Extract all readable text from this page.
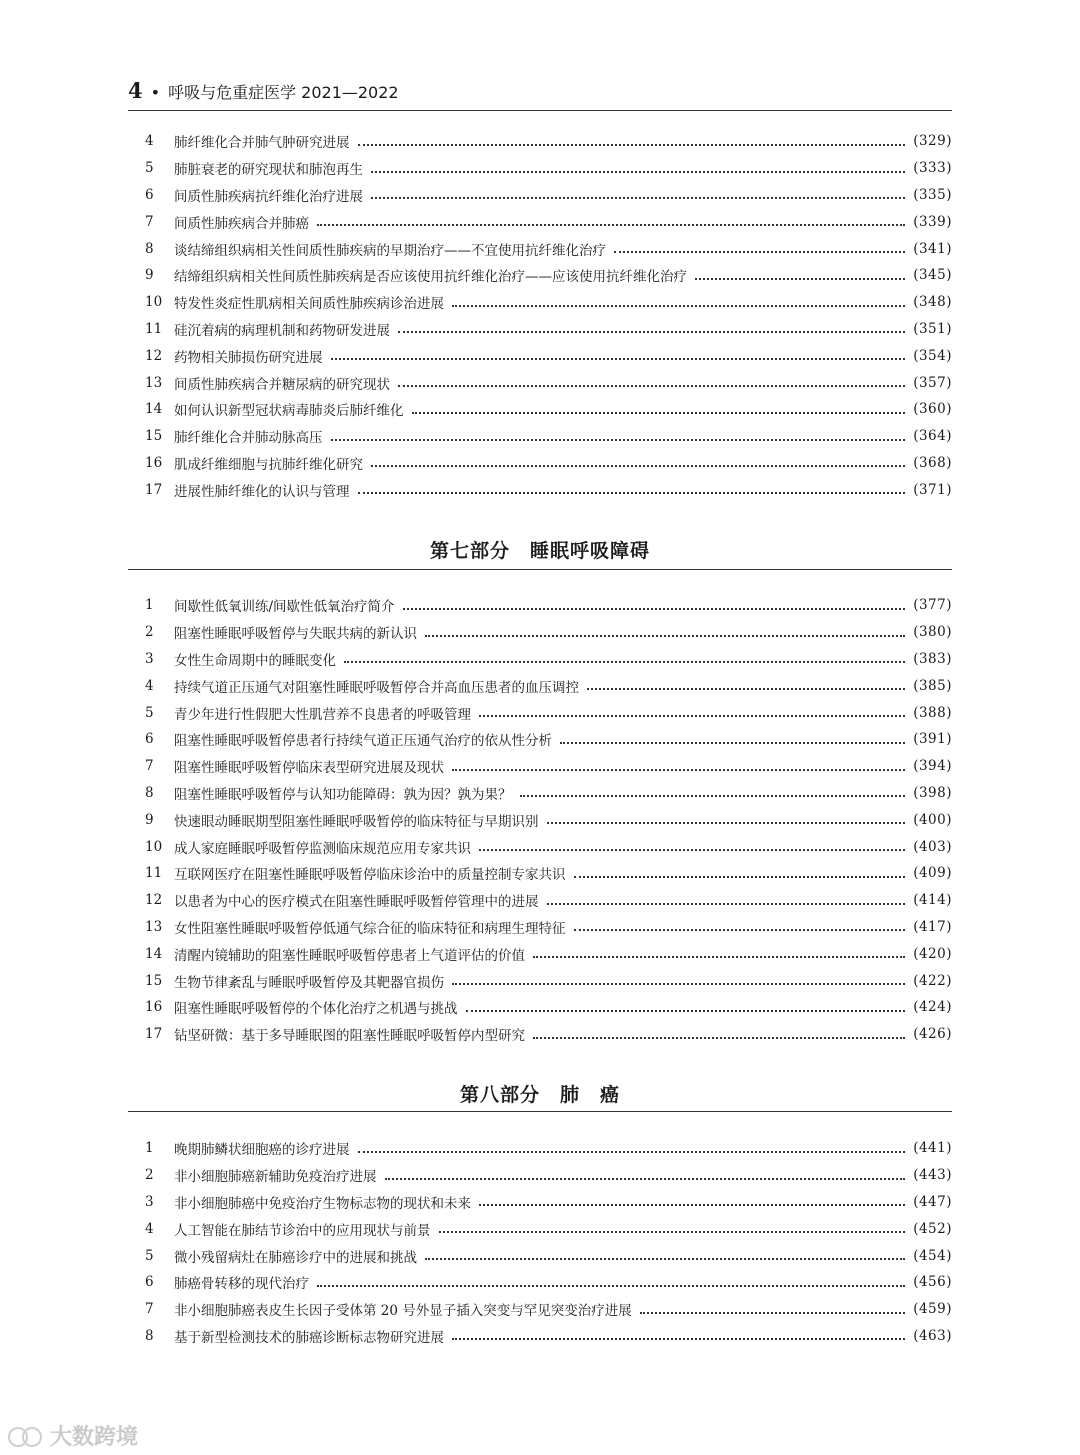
4 • 呼吸与危重症医学 2021—2022
4	肺纤维化合并肺气肿研究进展	(329)
5	肺脏衰老的研究现状和肺泡再生	(333)
6	间质性肺疾病抗纤维化治疗进展	(335)
7	间质性肺疾病合并肺癌	(339)
8	谈结缔组织病相关性间质性肺疾病的早期治疗——不宜使用抗纤维化治疗	(341)
9	结缔组织病相关性间质性肺疾病是否应该使用抗纤维化治疗——应该使用抗纤维化治疗	(345)
10 特发性炎症性肌病相关间质性肺疾病诊治进展	(348)
11 硅沉着病的病理机制和药物研发进展	(351)
12 药物相关肺损伤研究进展	(354)
13 间质性肺疾病合并糖尿病的研究现状	(357)
14 如何认识新型冠状病毒肺炎后肺纤维化	(360)
15 肺纤维化合并肺动脉高压	(364)
16 肌成纤维细胞与抗肺纤维化研究	(368)
17 进展性肺纤维化的认识与管理	(371)
第七部分　睡眠呼吸障碍
1	间歇性低氧训练/间歇性低氧治疗简介	(377)
2	阻塞性睡眠呼吸暂停与失眠共病的新认识	(380)
3	女性生命周期中的睡眠变化	(383)
4	持续气道正压通气对阻塞性睡眠呼吸暂停合并高血压患者的血压调控	(385)
5	青少年进行性假肥大性肌营养不良患者的呼吸管理	(388)
6	阻塞性睡眠呼吸暂停患者行持续气道正压通气治疗的依从性分析	(391)
7	阻塞性睡眠呼吸暂停临床表型研究进展及现状	(394)
8	阻塞性睡眠呼吸暂停与认知功能障碍：孰为因？孰为果？	(398)
9	快速眼动睡眠期型阻塞性睡眠呼吸暂停的临床特征与早期识别	(400)
10 成人家庭睡眠呼吸暂停监测临床规范应用专家共识	(403)
11 互联网医疗在阻塞性睡眠呼吸暂停临床诊治中的质量控制专家共识	(409)
12 以患者为中心的医疗模式在阻塞性睡眠呼吸暂停管理中的进展	(414)
13 女性阻塞性睡眠呼吸暂停低通气综合征的临床特征和病理生理特征	(417)
14 清醒内镜辅助的阻塞性睡眠呼吸暂停患者上气道评估的价值	(420)
15 生物节律紊乱与睡眠呼吸暂停及其靶器官损伤	(422)
16 阻塞性睡眠呼吸暂停的个体化治疗之机遇与挑战	(424)
17 钻坚研微：基于多导睡眠图的阻塞性睡眠呼吸暂停内型研究	(426)
第八部分　肺　癌
1	晚期肺鳞状细胞癌的诊疗进展	(441)
2	非小细胞肺癌新辅助免疫治疗进展	(443)
3	非小细胞肺癌中免疫治疗生物标志物的现状和未来	(447)
4	人工智能在肺结节诊治中的应用现状与前景	(452)
5	微小残留病灶在肺癌诊疗中的进展和挑战	(454)
6	肺癌骨转移的现代治疗	(456)
7	非小细胞肺癌表皮生长因子受体第 20 号外显子插入突变与罕见突变治疗进展	(459)
8	基于新型检测技术的肺癌诊断标志物研究进展	(463)
大数跨境
